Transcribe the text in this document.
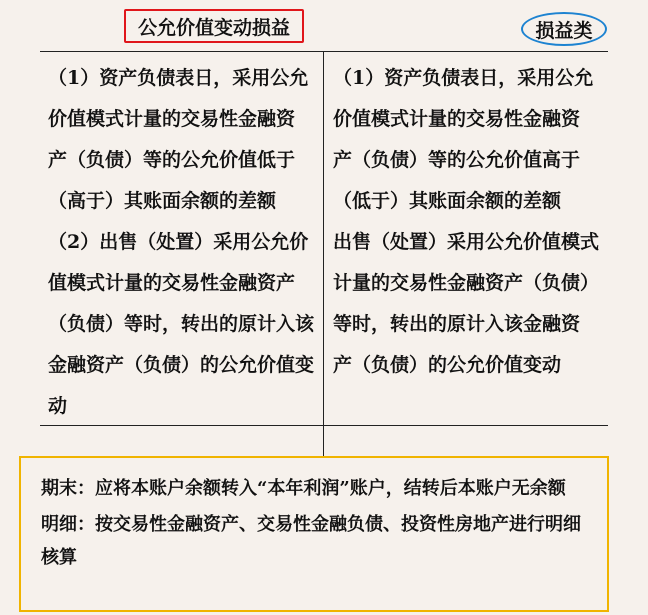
公允价值变动损益	损益类
（1）资产负债表日，采用公允
价值模式计量的交易性金融资
产（负债）等的公允价值低于
（高于）其账面余额的差额
（2）出售（处置）采用公允价
值模式计量的交易性金融资产
（负债）等时，转出的原计入该
金融资产（负债）的公允价值变
动
（1）资产负债表日，采用公允
价值模式计量的交易性金融资
产（负债）等的公允价值高于
（低于）其账面余额的差额
出售（处置）采用公允价值模式
计量的交易性金融资产（负债）
等时，转出的原计入该金融资
产（负债）的公允价值变动
期末：应将本账户余额转入“本年利润”账户，结转后本账户无余额
明细：按交易性金融资产、交易性金融负债、投资性房地产进行明细核算
